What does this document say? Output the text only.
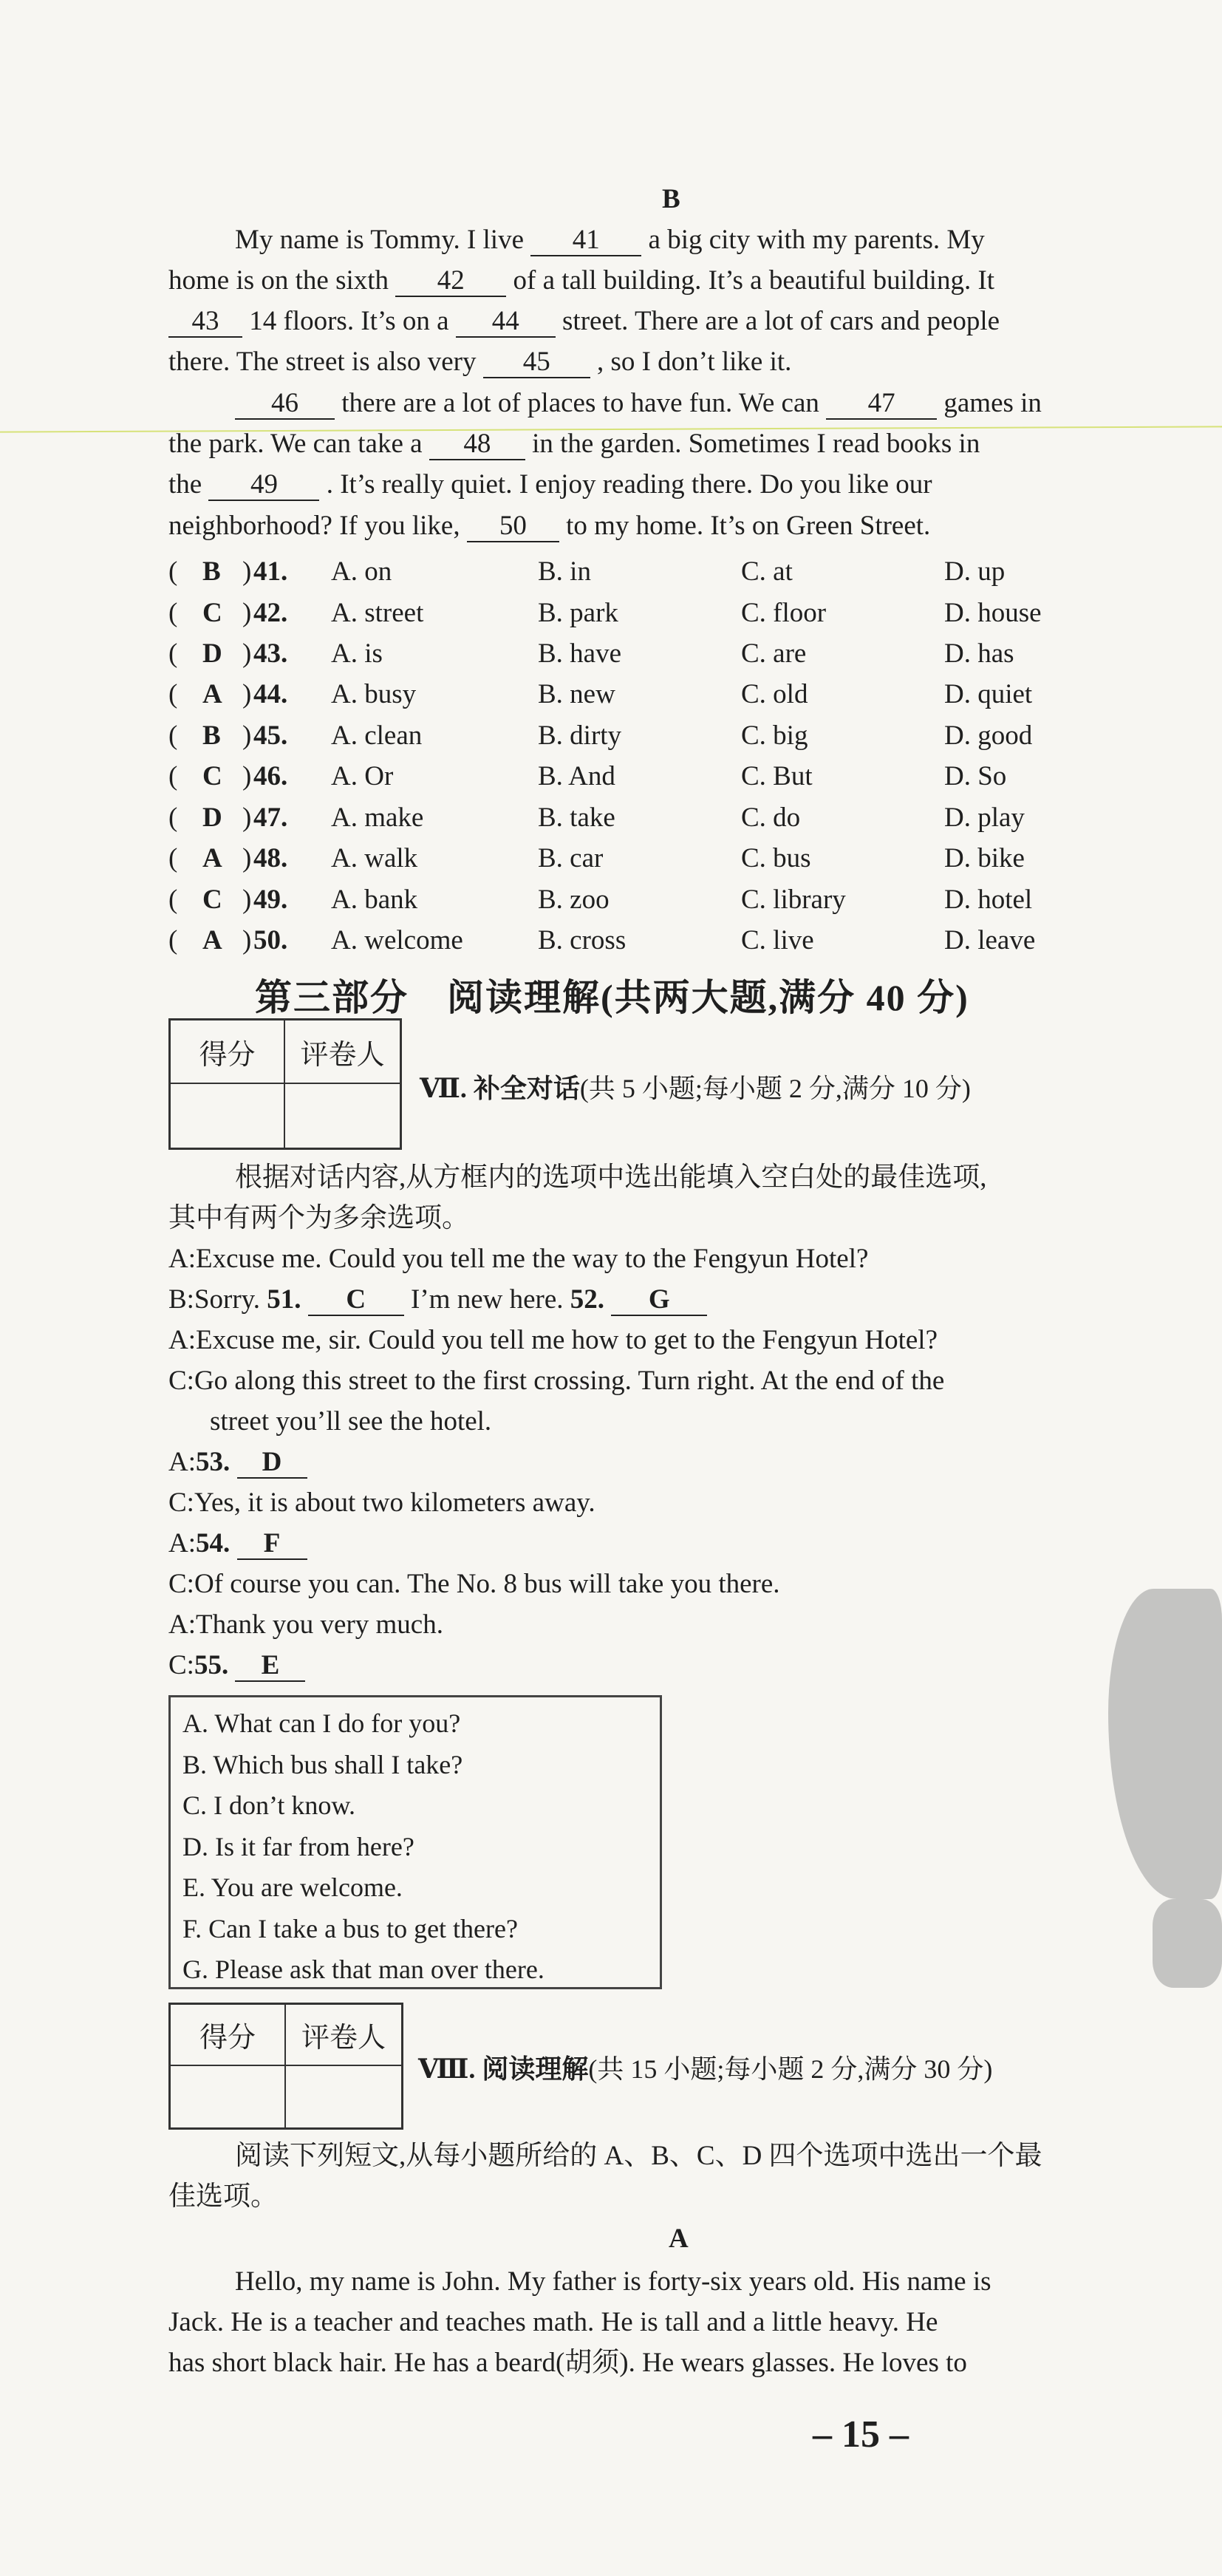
B
My name is Tommy. I live 41 a big city with my parents. My
home is on the sixth 42 of a tall building. It’s a beautiful building. It
43 14 floors. It’s on a 44 street. There are a lot of cars and people
there. The street is also very 45 , so I don’t like it.
46 there are a lot of places to have fun. We can 47 games in
the park. We can take a 48 in the garden. Sometimes I read books in
the 49 . It’s really quiet. I enjoy reading there. Do you like our
neighborhood? If you like, 50 to my home. It’s on Green Street.
( B ) 41. A. on	B. in	C. at	D. up
( C ) 42. A. street	B. park	C. floor	D. house
( D ) 43. A. is	B. have	C. are	D. has
( A ) 44. A. busy	B. new	C. old	D. quiet
( B ) 45. A. clean	B. dirty	C. big	D. good
( C ) 46. A. Or	B. And	C. But	D. So
( D ) 47. A. make	B. take	C. do	D. play
( A ) 48. A. walk	B. car	C. bus	D. bike
( C ) 49. A. bank	B. zoo	C. library	D. hotel
( A ) 50. A. welcome	B. cross	C. live	D. leave
第三部分　阅读理解(共两大题,满分 40 分)
得分	评卷人
Ⅶ. 补全对话(共 5 小题;每小题 2 分,满分 10 分)
根据对话内容,从方框内的选项中选出能填入空白处的最佳选项,
其中有两个为多余选项。
A:Excuse me. Could you tell me the way to the Fengyun Hotel?
B:Sorry. 51. C I’m new here. 52. G
A:Excuse me, sir. Could you tell me how to get to the Fengyun Hotel?
C:Go along this street to the first crossing. Turn right. At the end of the
street you’ll see the hotel.
A:53. D
C:Yes, it is about two kilometers away.
A:54. F
C:Of course you can. The No. 8 bus will take you there.
A:Thank you very much.
C:55. E
A. What can I do for you?
B. Which bus shall I take?
C. I don’t know.
D. Is it far from here?
E. You are welcome.
F. Can I take a bus to get there?
G. Please ask that man over there.
得分	评卷人
Ⅷ. 阅读理解(共 15 小题;每小题 2 分,满分 30 分)
阅读下列短文,从每小题所给的 A、B、C、D 四个选项中选出一个最
佳选项。
A
Hello, my name is John. My father is forty-six years old. His name is
Jack. He is a teacher and teaches math. He is tall and a little heavy. He
has short black hair. He has a beard(胡须). He wears glasses. He loves to
– 15 –
